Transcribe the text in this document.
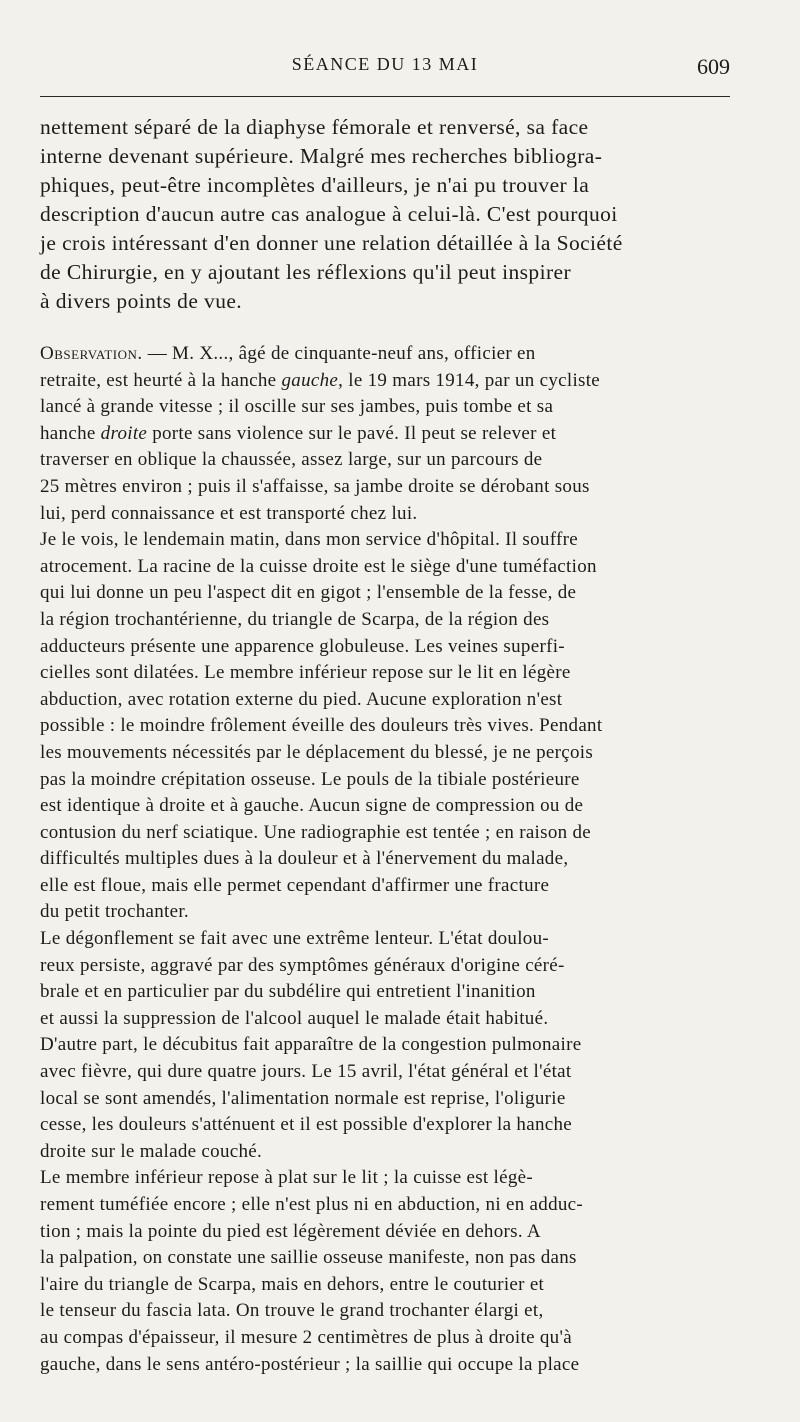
SÉANCE DU 13 MAI	609
nettement séparé de la diaphyse fémorale et renversé, sa face
interne devenant supérieure. Malgré mes recherches bibliogra-
phiques, peut-être incomplètes d'ailleurs, je n'ai pu trouver la
description d'aucun autre cas analogue à celui-là. C'est pourquoi
je crois intéressant d'en donner une relation détaillée à la Société
de Chirurgie, en y ajoutant les réflexions qu'il peut inspirer
à divers points de vue.
Observation. — M. X..., âgé de cinquante-neuf ans, officier en
retraite, est heurté à la hanche gauche, le 19 mars 1914, par un cycliste
lancé à grande vitesse ; il oscille sur ses jambes, puis tombe et sa
hanche droite porte sans violence sur le pavé. Il peut se relever et
traverser en oblique la chaussée, assez large, sur un parcours de
25 mètres environ ; puis il s'affaisse, sa jambe droite se dérobant sous
lui, perd connaissance et est transporté chez lui.
Je le vois, le lendemain matin, dans mon service d'hôpital. Il souffre
atrocement. La racine de la cuisse droite est le siège d'une tuméfaction
qui lui donne un peu l'aspect dit en gigot ; l'ensemble de la fesse, de
la région trochantérienne, du triangle de Scarpa, de la région des
adducteurs présente une apparence globuleuse. Les veines superfi-
cielles sont dilatées. Le membre inférieur repose sur le lit en légère
abduction, avec rotation externe du pied. Aucune exploration n'est
possible : le moindre frôlement éveille des douleurs très vives. Pendant
les mouvements nécessités par le déplacement du blessé, je ne perçois
pas la moindre crépitation osseuse. Le pouls de la tibiale postérieure
est identique à droite et à gauche. Aucun signe de compression ou de
contusion du nerf sciatique. Une radiographie est tentée ; en raison de
difficultés multiples dues à la douleur et à l'énervement du malade,
elle est floue, mais elle permet cependant d'affirmer une fracture
du petit trochanter.
Le dégonflement se fait avec une extrême lenteur. L'état doulou-
reux persiste, aggravé par des symptômes généraux d'origine céré-
brale et en particulier par du subdélire qui entretient l'inanition
et aussi la suppression de l'alcool auquel le malade était habitué.
D'autre part, le décubitus fait apparaître de la congestion pulmonaire
avec fièvre, qui dure quatre jours. Le 15 avril, l'état général et l'état
local se sont amendés, l'alimentation normale est reprise, l'oligurie
cesse, les douleurs s'atténuent et il est possible d'explorer la hanche
droite sur le malade couché.
Le membre inférieur repose à plat sur le lit ; la cuisse est légè-
rement tuméfiée encore ; elle n'est plus ni en abduction, ni en adduc-
tion ; mais la pointe du pied est légèrement déviée en dehors. A
la palpation, on constate une saillie osseuse manifeste, non pas dans
l'aire du triangle de Scarpa, mais en dehors, entre le couturier et
le tenseur du fascia lata. On trouve le grand trochanter élargi et,
au compas d'épaisseur, il mesure 2 centimètres de plus à droite qu'à
gauche, dans le sens antéro-postérieur ; la saillie qui occupe la place
